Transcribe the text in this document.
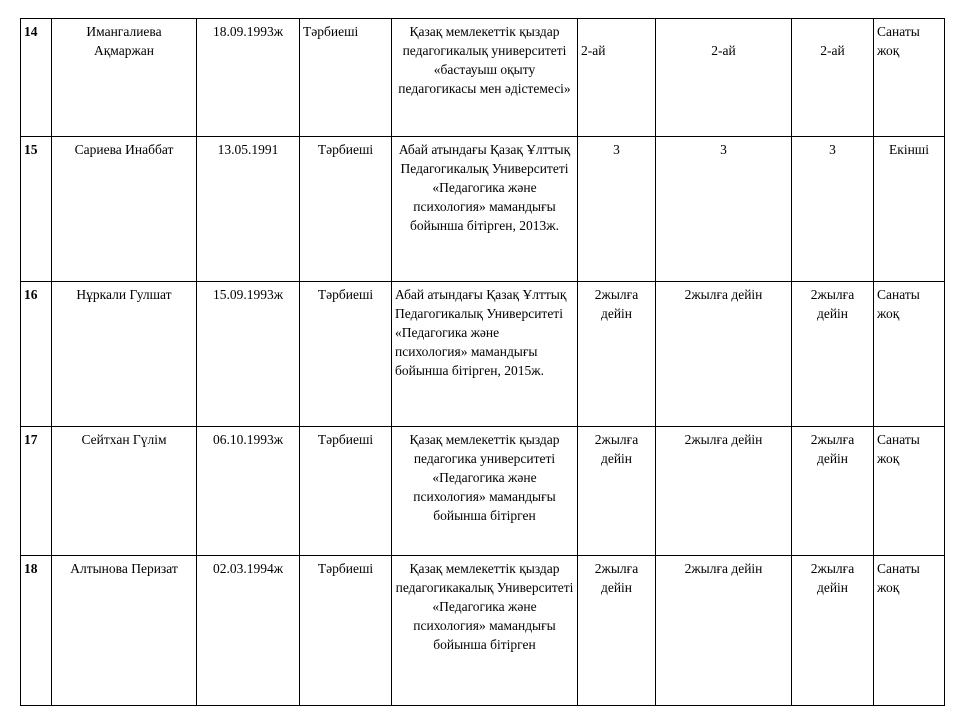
14	Имангалиева Ақмаржан	18.09.1993ж	Тәрбиеші	Қазақ мемлекеттік қыздар педагогикалық университеті «бастауыш оқыту педагогикасы мен әдістемесі»	2-ай	2-ай	2-ай	Санаты жоқ
15	Сариева Инаббат	13.05.1991	Тәрбиеші	Абай атындағы Қазақ Ұлттық Педагогикалық Университеті «Педагогика және психология» мамандығы бойынша бітірген, 2013ж.	3	3	3	Екінші
16	Нұркали Гулшат	15.09.1993ж	Тәрбиеші	Абай атындағы Қазақ Ұлттық Педагогикалық Университеті «Педагогика және психология» мамандығы бойынша бітірген, 2015ж.	2жылға дейін	2жылға дейін	2жылға дейін	Санаты жоқ
17	Сейтхан Гүлім	06.10.1993ж	Тәрбиеші	Қазақ мемлекеттік қыздар педагогика университеті «Педагогика және психология» мамандығы бойынша бітірген	2жылға дейін	2жылға дейін	2жылға дейін	Санаты жоқ
18	Алтынова Перизат	02.03.1994ж	Тәрбиеші	Қазақ мемлекеттік қыздар педагогикакалық Университеті «Педагогика және психология» мамандығы бойынша бітірген	2жылға дейін	2жылға дейін	2жылға дейін	Санаты жоқ
